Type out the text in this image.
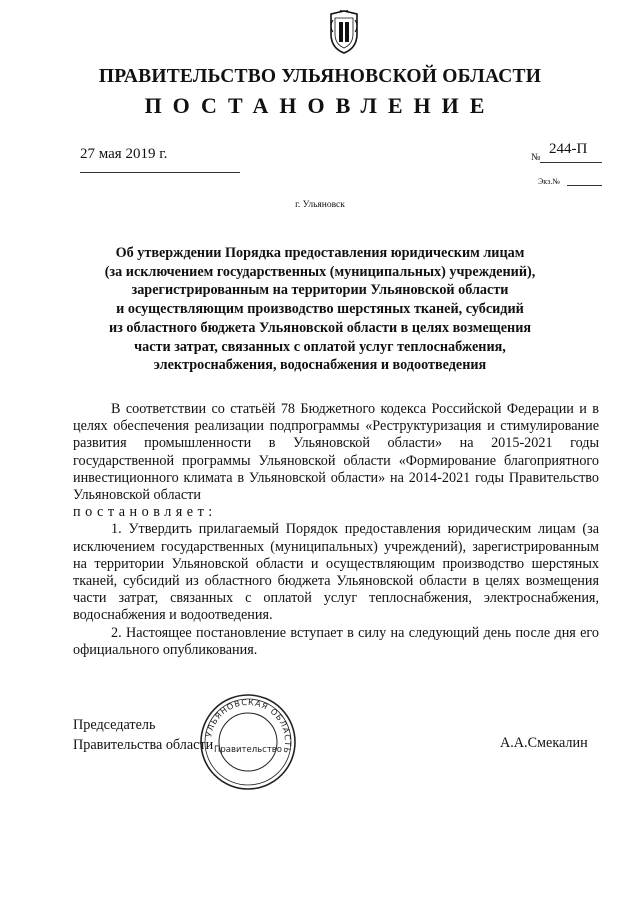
ПРАВИТЕЛЬСТВО УЛЬЯНОВСКОЙ ОБЛАСТИ
ПОСТАНОВЛЕНИЕ
27 мая 2019 г.	№
244-П
Экз.№
г. Ульяновск
Об утверждении Порядка предоставления юридическим лицам
(за исключением государственных (муниципальных) учреждений),
зарегистрированным на территории Ульяновской области
и осуществляющим производство шерстяных тканей, субсидий
из областного бюджета Ульяновской области в целях возмещения
части затрат, связанных с оплатой услуг теплоснабжения,
электроснабжения, водоснабжения и водоотведения

В соответствии со статьёй 78 Бюджетного кодекса Российской Федерации и в целях обеспечения реализации подпрограммы «Реструктуризация и стимулирование развития промышленности в Ульяновской области» на 2015-2021 годы государственной программы Ульяновской области «Формирование благоприятного инвестиционного климата в Ульяновской области» на 2014-2021 годы Правительство Ульяновской области

постановляет:

1. Утвердить прилагаемый Порядок предоставления юридическим лицам (за исключением государственных (муниципальных) учреждений), зарегистрированным на территории Ульяновской области и осуществляющим производство шерстяных тканей, субсидий из областного бюджета Ульяновской области в целях возмещения части затрат, связанных с оплатой услуг теплоснабжения, электроснабжения, водоснабжения и водоотведения.

2. Настоящее постановление вступает в силу на следующий день после дня его официального опубликования.

Председатель
Правительства области	А.А.Смекалин
УЛЬЯНОВСКАЯ ОБЛАСТЬ
Правительство
